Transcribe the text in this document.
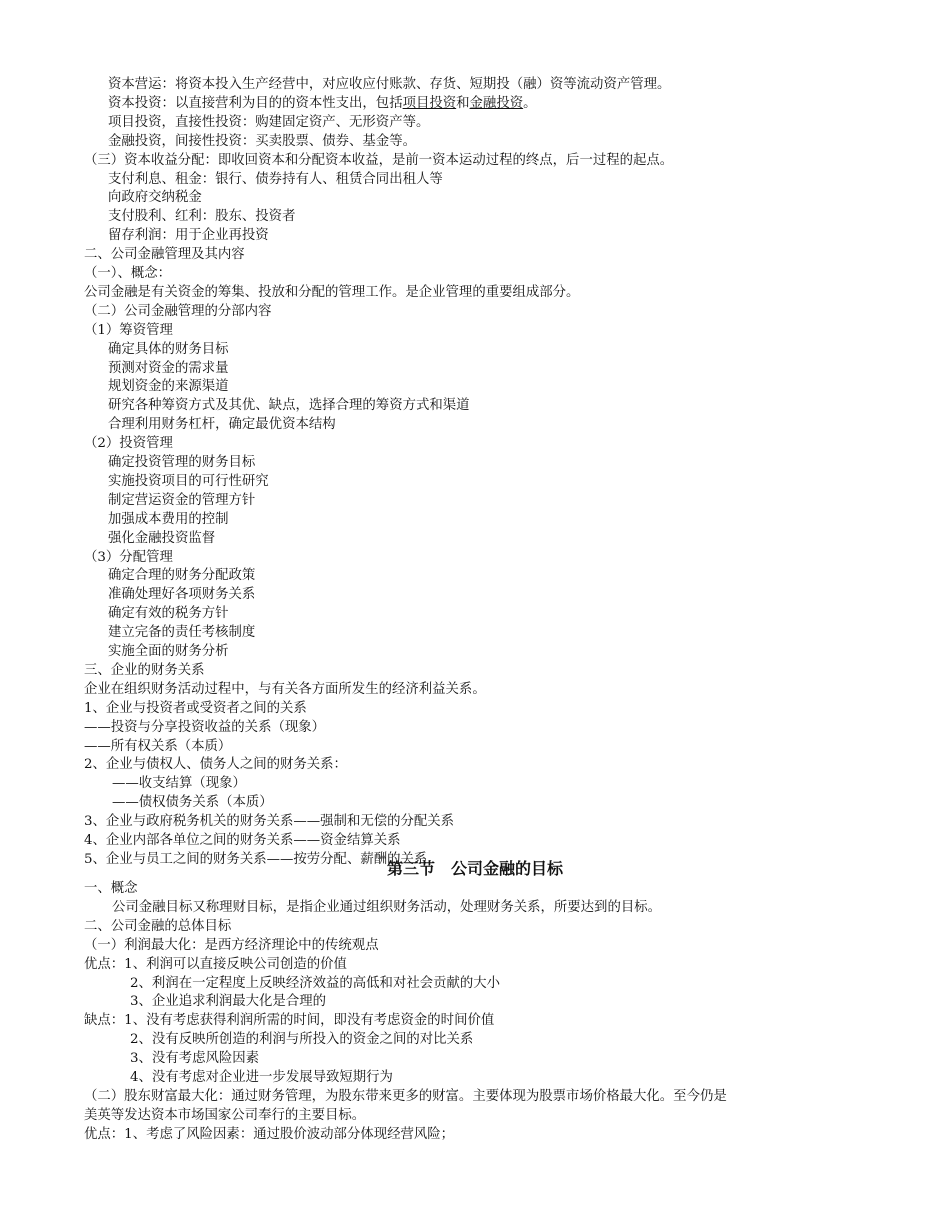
资本营运：将资本投入生产经营中，对应收应付账款、存货、短期投（融）资等流动资产管理。
资本投资：以直接营利为目的的资本性支出，包括项目投资和金融投资。
项目投资，直接性投资：购建固定资产、无形资产等。
金融投资，间接性投资：买卖股票、债券、基金等。
（三）资本收益分配：即收回资本和分配资本收益，是前一资本运动过程的终点，后一过程的起点。
支付利息、租金：银行、债券持有人、租赁合同出租人等
向政府交纳税金
支付股利、红利：股东、投资者
留存利润：用于企业再投资
二、公司金融管理及其内容
（一）、概念：
公司金融是有关资金的筹集、投放和分配的管理工作。是企业管理的重要组成部分。
（二）公司金融管理的分部内容
（1）筹资管理
确定具体的财务目标
预测对资金的需求量
规划资金的来源渠道
研究各种筹资方式及其优、缺点，选择合理的筹资方式和渠道
合理利用财务杠杆，确定最优资本结构
（2）投资管理
确定投资管理的财务目标
实施投资项目的可行性研究
制定营运资金的管理方针
加强成本费用的控制
强化金融投资监督
（3）分配管理
确定合理的财务分配政策
准确处理好各项财务关系
确定有效的税务方针
建立完备的责任考核制度
实施全面的财务分析
三、企业的财务关系
企业在组织财务活动过程中，与有关各方面所发生的经济利益关系。
1、企业与投资者或受资者之间的关系
——投资与分享投资收益的关系（现象）
——所有权关系（本质）
2、企业与债权人、债务人之间的财务关系：
——收支结算（现象）
——债权债务关系（本质）
3、企业与政府税务机关的财务关系——强制和无偿的分配关系
4、企业内部各单位之间的财务关系——资金结算关系
5、企业与员工之间的财务关系——按劳分配、薪酬的关系
第三节　公司金融的目标
一、概念
公司金融目标又称理财目标，是指企业通过组织财务活动，处理财务关系，所要达到的目标。
二、公司金融的总体目标
（一）利润最大化：是西方经济理论中的传统观点
优点：1、利润可以直接反映公司创造的价值
2、利润在一定程度上反映经济效益的高低和对社会贡献的大小
3、企业追求利润最大化是合理的
缺点：1、没有考虑获得利润所需的时间，即没有考虑资金的时间价值
2、没有反映所创造的利润与所投入的资金之间的对比关系
3、没有考虑风险因素
4、没有考虑对企业进一步发展导致短期行为
（二）股东财富最大化：通过财务管理，为股东带来更多的财富。主要体现为股票市场价格最大化。至今仍是
美英等发达资本市场国家公司奉行的主要目标。
优点：1、考虑了风险因素：通过股价波动部分体现经营风险；
